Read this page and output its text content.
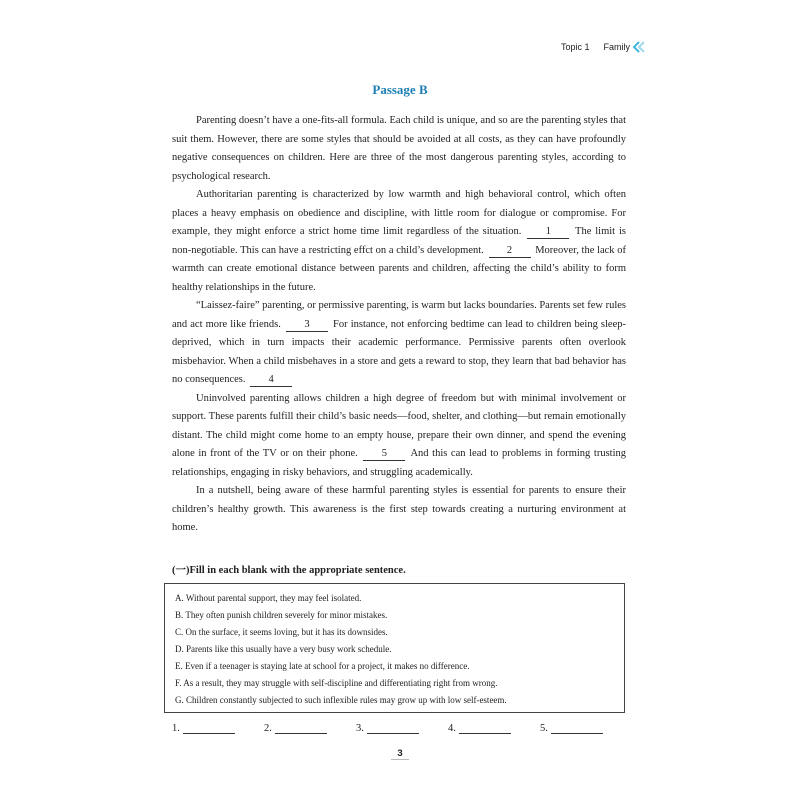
Topic 1 Family
Passage B

Parenting doesn’t have a one-fits-all formula. Each child is unique, and so are the parenting styles that suit them. However, there are some styles that should be avoided at all costs, as they can have profoundly negative consequences on children. Here are three of the most dangerous parenting styles, according to psychological research.

Authoritarian parenting is characterized by low warmth and high behavioral control, which often places a heavy emphasis on obedience and discipline, with little room for dialogue or compromise. For example, they might enforce a strict home time limit regardless of the situation. 1 The limit is non-negotiable. This can have a restricting effct on a child’s development. 2 Moreover, the lack of warmth can create emotional distance between parents and children, affecting the child’s ability to form healthy relationships in the future.

“Laissez-faire” parenting, or permissive parenting, is warm but lacks boundaries. Parents set few rules and act more like friends. 3 For instance, not enforcing bedtime can lead to children being sleep-deprived, which in turn impacts their academic performance. Permissive parents often overlook misbehavior. When a child misbehaves in a store and gets a reward to stop, they learn that bad behavior has no consequences. 4

Uninvolved parenting allows children a high degree of freedom but with minimal involvement or support. These parents fulfill their child’s basic needs—food, shelter, and clothing—but remain emotionally distant. The child might come home to an empty house, prepare their own dinner, and spend the evening alone in front of the TV or on their phone. 5 And this can lead to problems in forming trusting relationships, engaging in risky behaviors, and struggling academically.

In a nutshell, being aware of these harmful parenting styles is essential for parents to ensure their children’s healthy growth. This awareness is the first step towards creating a nurturing environment at home.

(一)Fill in each blank with the appropriate sentence.
A. Without parental support, they may feel isolated.
B. They often punish children severely for minor mistakes.
C. On the surface, it seems loving, but it has its downsides.
D. Parents like this usually have a very busy work schedule.
E. Even if a teenager is staying late at school for a project, it makes no difference.
F. As a result, they may struggle with self-discipline and differentiating right from wrong.
G. Children constantly subjected to such inflexible rules may grow up with low self-esteem.
1.	2.	3.	4.	5.
3
